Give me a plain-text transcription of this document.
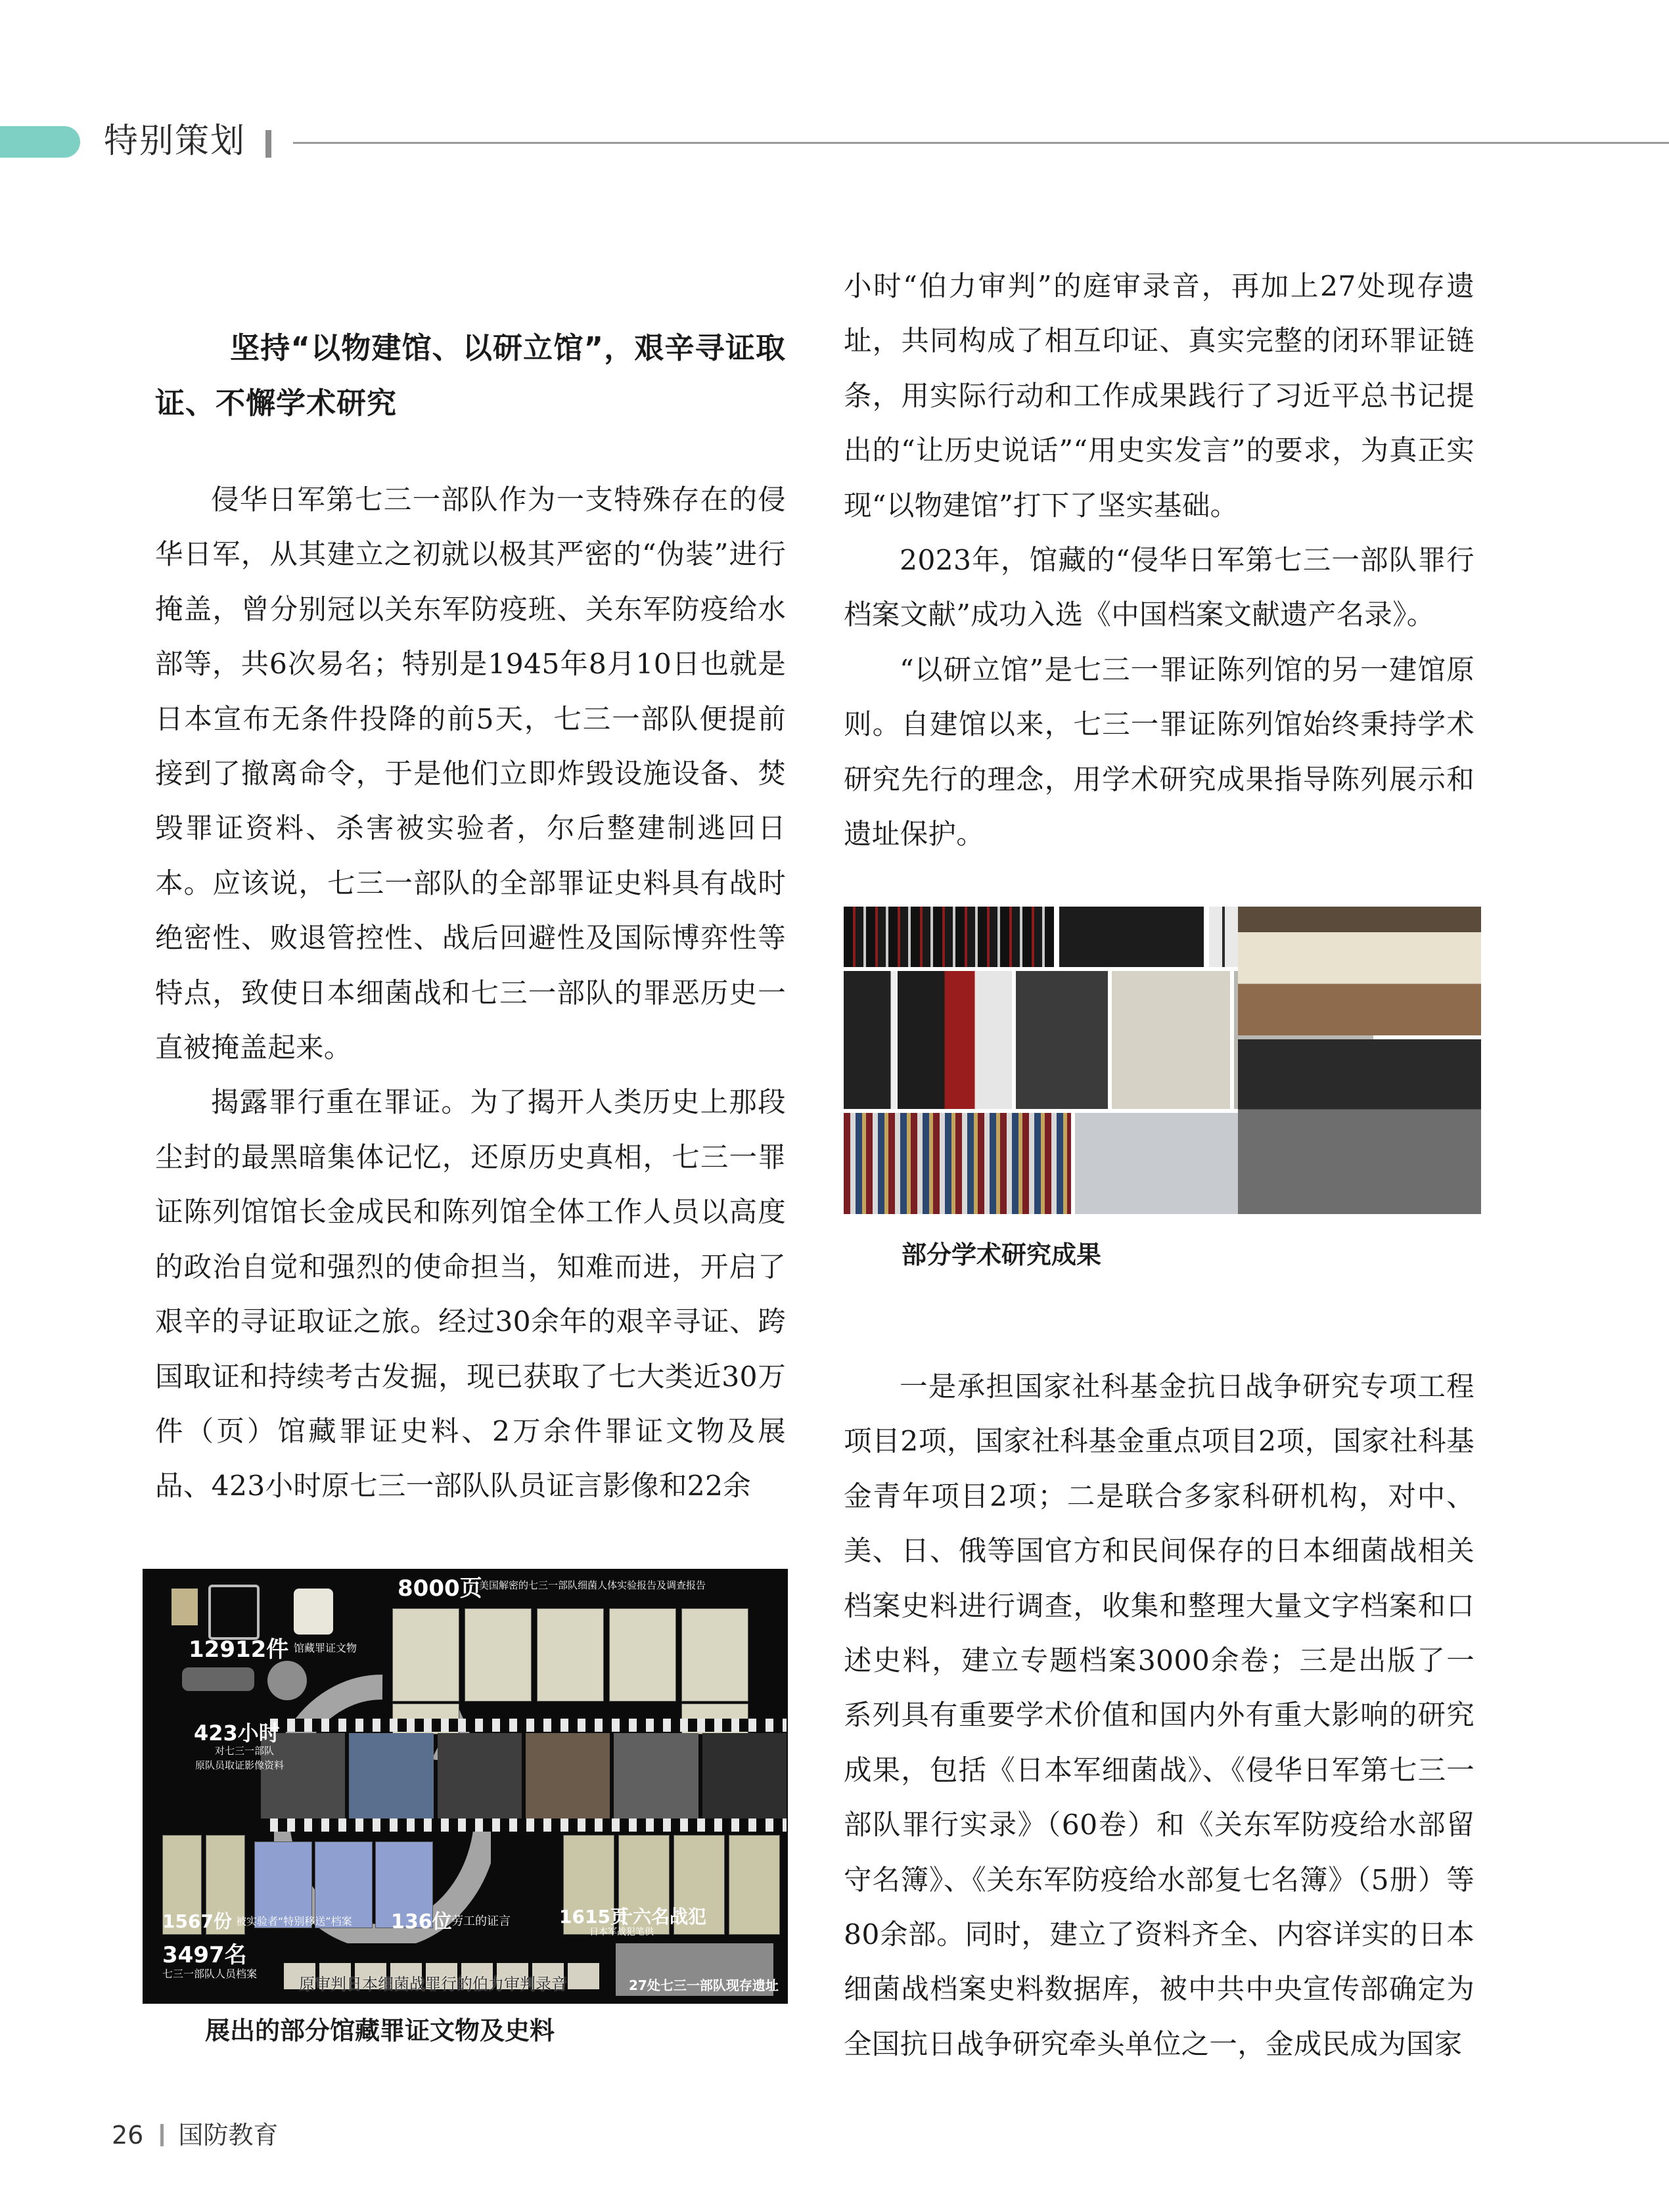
特别策划
坚持“以物建馆、以研立馆”，艰辛寻证取证、不懈学术研究

侵华日军第七三一部队作为一支特殊存在的侵华日军，从其建立之初就以极其严密的“伪装”进行掩盖，曾分别冠以关东军防疫班、关东军防疫给水部等，共6次易名；特别是1945年8月10日也就是日本宣布无条件投降的前5天，七三一部队便提前接到了撤离命令，于是他们立即炸毁设施设备、焚毁罪证资料、杀害被实验者，尔后整建制逃回日本。应该说，七三一部队的全部罪证史料具有战时绝密性、败退管控性、战后回避性及国际博弈性等特点，致使日本细菌战和七三一部队的罪恶历史一直被掩盖起来。

揭露罪行重在罪证。为了揭开人类历史上那段尘封的最黑暗集体记忆，还原历史真相，七三一罪证陈列馆馆长金成民和陈列馆全体工作人员以高度的政治自觉和强烈的使命担当，知难而进，开启了艰辛的寻证取证之旅。经过30余年的艰辛寻证、跨国取证和持续考古发掘，现已获取了七大类近30万件（页）馆藏罪证史料、2万余件罪证文物及展品、423小时原七三一部队队员证言影像和22余

小时“伯力审判”的庭审录音，再加上27处现存遗址，共同构成了相互印证、真实完整的闭环罪证链条，用实际行动和工作成果践行了习近平总书记提出的“让历史说话”“用史实发言”的要求，为真正实现“以物建馆”打下了坚实基础。

2023年，馆藏的“侵华日军第七三一部队罪行档案文献”成功入选《中国档案文献遗产名录》。

“以研立馆”是七三一罪证陈列馆的另一建馆原则。自建馆以来，七三一罪证陈列馆始终秉持学术研究先行的理念，用学术研究成果指导陈列展示和遗址保护。

一是承担国家社科基金抗日战争研究专项工程项目2项，国家社科基金重点项目2项，国家社科基金青年项目2项；二是联合多家科研机构，对中、美、日、俄等国官方和民间保存的日本细菌战相关档案史料进行调查，收集和整理大量文字档案和口述史料，建立专题档案3000余卷；三是出版了一系列具有重要学术价值和国内外有重大影响的研究成果，包括《日本军细菌战》、《侵华日军第七三一部队罪行实录》（60卷）和《关东军防疫给水部留守名簿》、《关东军防疫给水部复七名簿》（5册）等80余部。同时，建立了资料齐全、内容详实的日本细菌战档案史料数据库，被中共中央宣传部确定为全国抗日战争研究牵头单位之一，金成民成为国家

8000页
美国解密的七三一部队细菌人体实验报告及调查报告
12912件 馆藏罪证文物
423小时
对七三一部队
原队员取证影像资料
1567份 被实验者“特别移送”档案 136位 劳工的证言	1615页
十六名战犯
日本军战犯笔供
3497名
七三一部队人员档案
原审判日本细菌战罪行的伯力审判录音	27处七三一部队现存遗址
展出的部分馆藏罪证文物及史料
部分学术研究成果
26 国防教育
